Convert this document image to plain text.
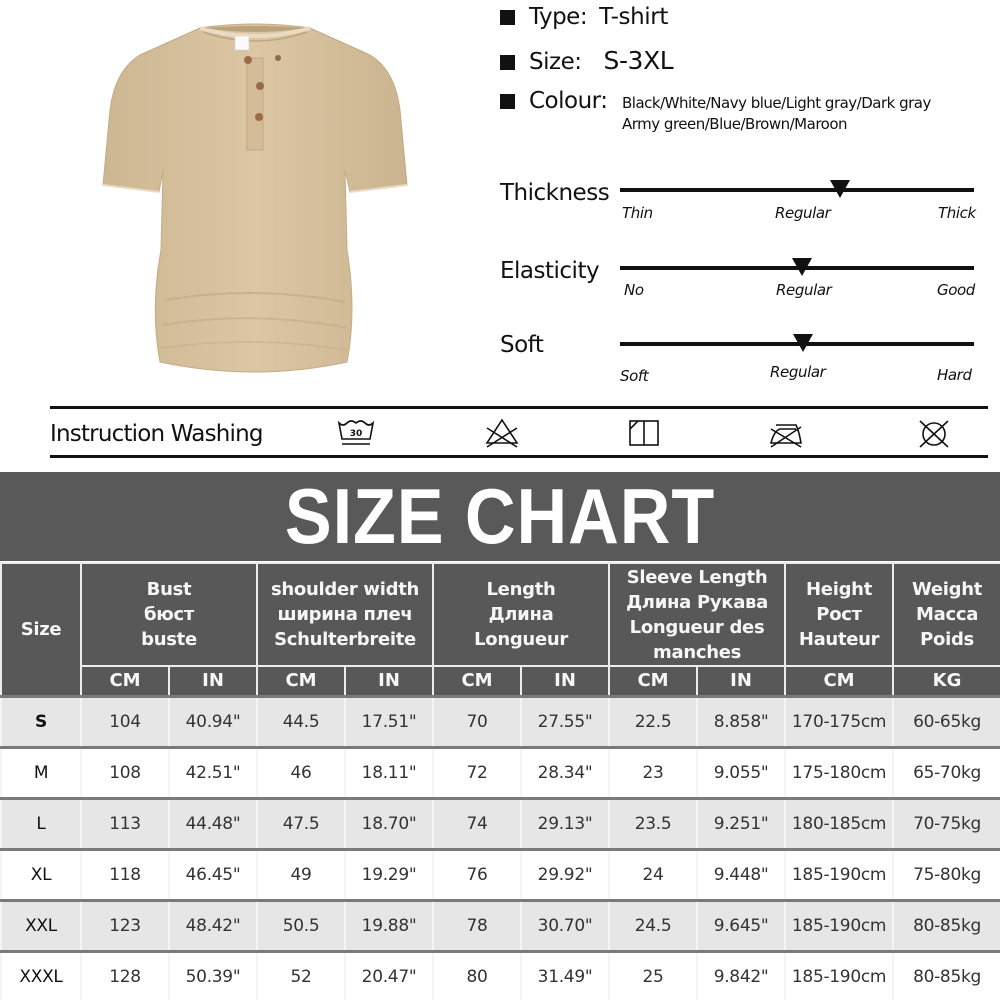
Type: T-shirt
Size: S-3XL
Colour: Black/White/Navy blue/Light gray/Dark gray
Army green/Blue/Brown/Maroon
Thickness
Thin	Regular	Thick
Elasticity
No	Regular	Good
Soft
Soft	Regular	Hard
Instruction Washing	30
SIZE CHART
Size	Bust
бюст
buste		shoulder width
ширина плеч
Schulterbreite		Length
Длина
Longueur		Sleeve Length
Длина Рукава
Longueur des
manches		Height
Рост
Hauteur	Weight
Масса
Poids

	CM	IN	CM	IN	CM	IN	CM	IN	CM	KG
S	104	40.94"	44.5	17.51"	70	27.55"	22.5	8.858"	170-175cm	60-65kg
M	108	42.51"	46	18.11"	72	28.34"	23	9.055"	175-180cm	65-70kg
L	113	44.48"	47.5	18.70"	74	29.13"	23.5	9.251"	180-185cm	70-75kg
XL	118	46.45"	49	19.29"	76	29.92"	24	9.448"	185-190cm	75-80kg
XXL	123	48.42"	50.5	19.88"	78	30.70"	24.5	9.645"	185-190cm	80-85kg
XXXL	128	50.39"	52	20.47"	80	31.49"	25	9.842"	185-190cm	80-85kg
